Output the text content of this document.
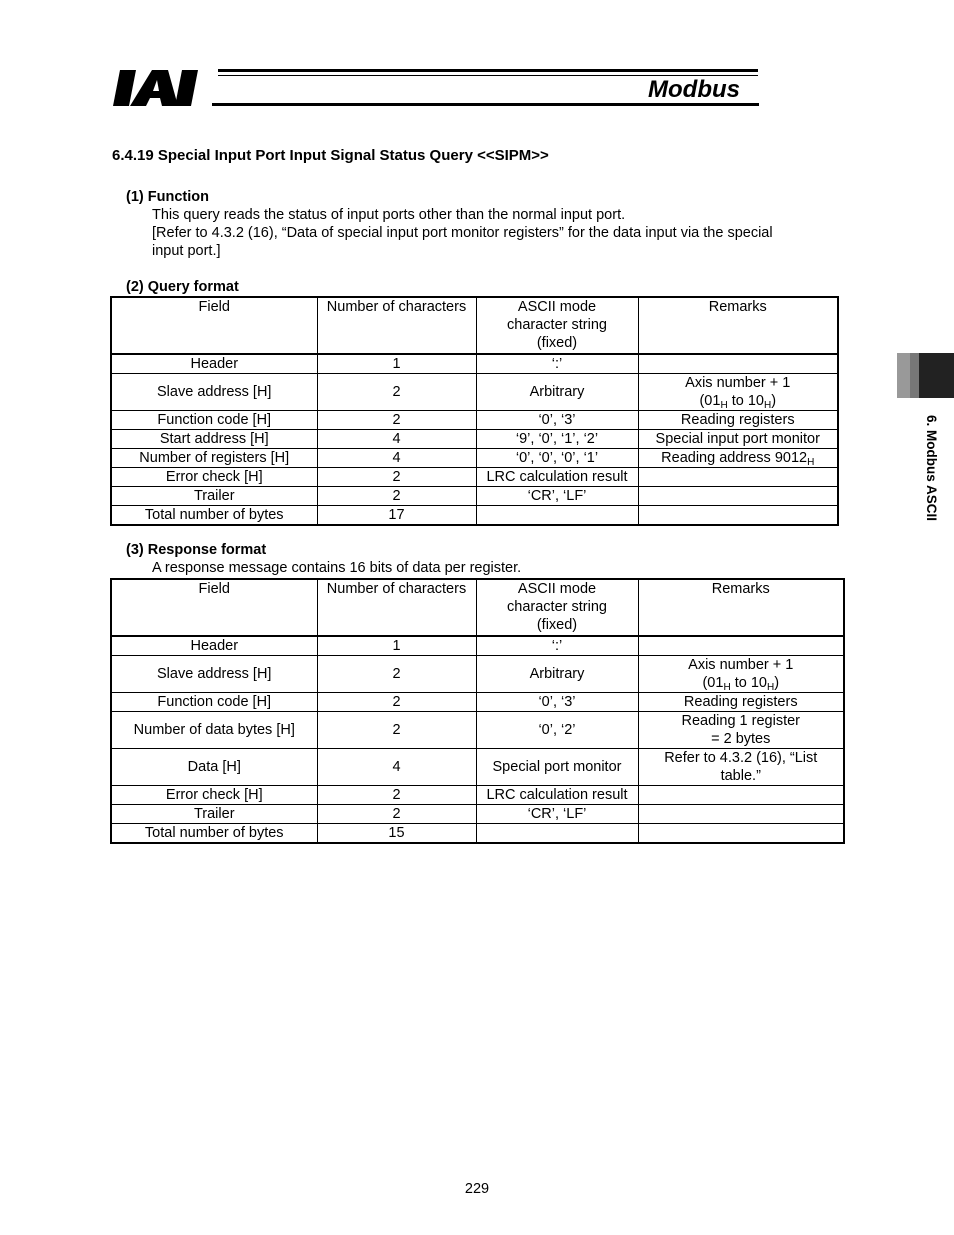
Modbus
6. Modbus ASCII
6.4.19 Special Input Port Input Signal Status Query <<SIPM>>
(1) Function
This query reads the status of input ports other than the normal input port.
[Refer to 4.3.2 (16), “Data of special input port monitor registers” for the data input via the special
input port.]
(2) Query format
Field	Number of characters	ASCII mode
character string
(fixed)	Remarks
Header	1	‘:’	
Slave address [H]	2	Arbitrary	Axis number + 1
($01_H$ to $10_H$)
Function code [H]	2	‘0’, ‘3’	Reading registers
Start address [H]	4	‘9’, ‘0’, ‘1’, ‘2’	Special input port monitor
Number of registers [H]	4	‘0’, ‘0’, ‘0’, ‘1’	Reading address $9012_H$
Error check [H]	2	LRC calculation result	
Trailer	2	‘CR’, ‘LF’	
Total number of bytes	17		
(3) Response format
A response message contains 16 bits of data per register.
Field	Number of characters	ASCII mode
character string
(fixed)	Remarks
Header	1	‘:’	
Slave address [H]	2	Arbitrary	Axis number + 1
($01_H$ to $10_H$)
Function code [H]	2	‘0’, ‘3’	Reading registers
Number of data bytes [H]	2	‘0’, ‘2’	Reading 1 register
= 2 bytes
Data [H]	4	Special port monitor	Refer to 4.3.2 (16), “List
table.”
Error check [H]	2	LRC calculation result	
Trailer	2	‘CR’, ‘LF’	
Total number of bytes	15		
229
